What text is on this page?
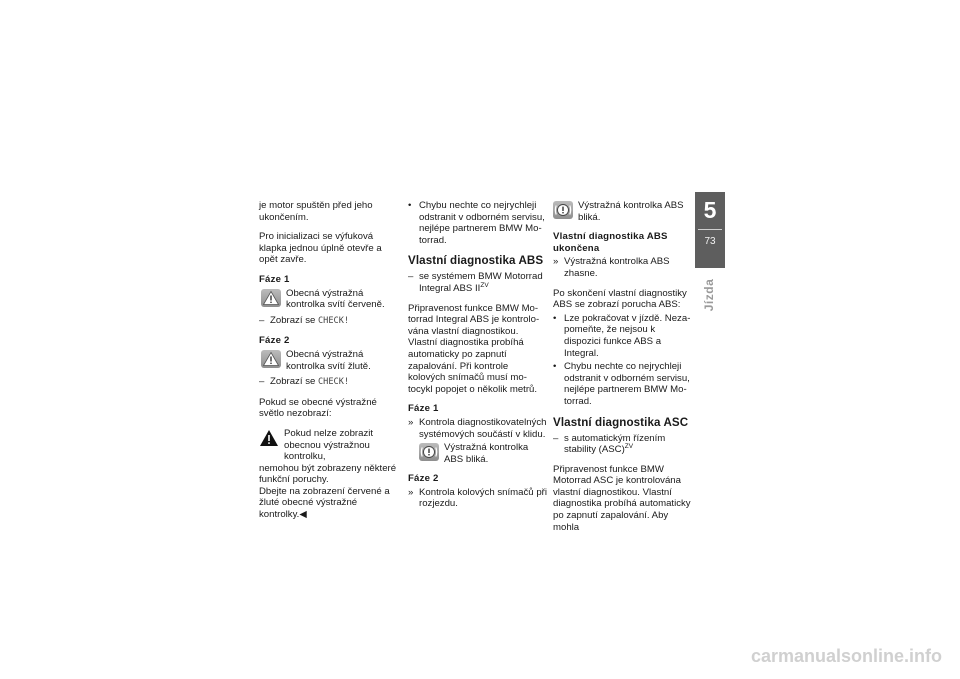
je motor spuštěn před jeho ukončením.

Pro inicializaci se výfuková klapka jednou úplně otevře a opět zavře.

Fáze 1
Obecná výstražná kontrolka svítí červeně.
– Zobrazí se CHECK!
Fáze 2
Obecná výstražná kontrolka svítí žlutě.
– Zobrazí se CHECK!

Pokud se obecné výstražné světlo nezobrazí:

Pokud nelze zobrazit obecnou výstražnou kontrolku,
nemohou být zobrazeny některé funkční poruchy.
Dbejte na zobrazení červené a žluté obecné výstražné kontrolky.◀
• Chybu nechte co nejrychleji odstranit v odborném servisu, nejlépe partnerem BMW Motorrad.
Vlastní diagnostika ABS
– se systémem BMW Motorrad Integral ABS $II^{ZV}$

Připravenost funkce BMW Motorrad Integral ABS je kontrolována vlastní diagnostikou. Vlastní diagnostika probíhá automaticky po zapnutí zapalování. Při kontrole kolových snímačů musí motocykl popojet o několik metrů.

Fáze 1
» Kontrola diagnostikovatelných systémových součástí v klidu.
Výstražná kontrolka ABS bliká.
Fáze 2
» Kontrola kolových snímačů při rozjezdu.
Výstražná kontrolka ABS bliká.
Vlastní diagnostika ABS ukončena
» Výstražná kontrolka ABS zhasne.

Po skončení vlastní diagnostiky ABS se zobrazí porucha ABS:

• Lze pokračovat v jízdě. Nezapomeňte, že nejsou k dispozici funkce ABS a Integral.
• Chybu nechte co nejrychleji odstranit v odborném servisu, nejlépe partnerem BMW Motorrad.
Vlastní diagnostika ASC
– s automatickým řízením stability (ASC)$^{ZV}$

Připravenost funkce BMW Motorrad ASC je kontrolována vlastní diagnostikou. Vlastní diagnostika probíhá automaticky po zapnutí zapalování. Aby mohla

5
73
Jízda
carmanualsonline.info
